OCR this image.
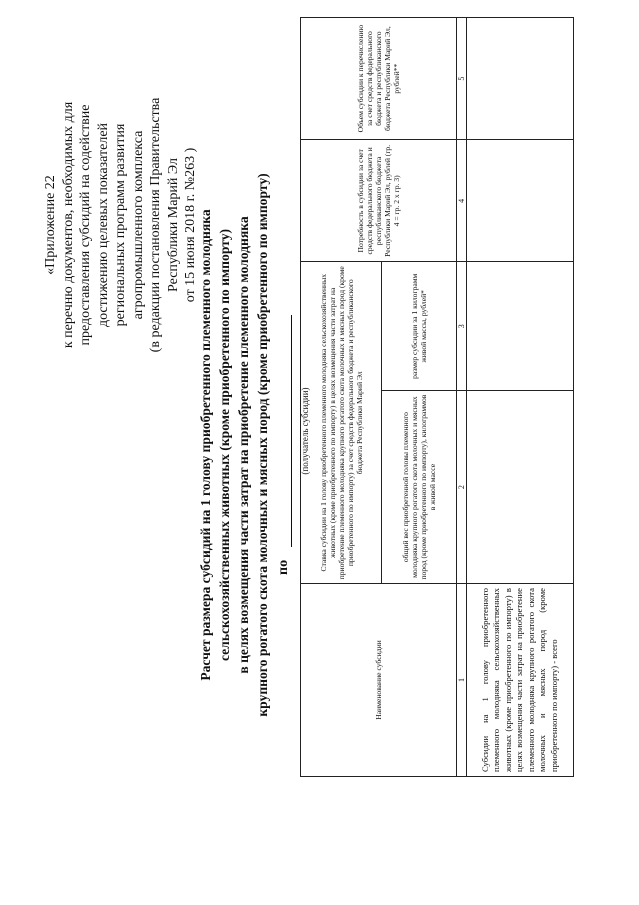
«Приложение 22 к перечню документов, необходимых для предоставления субсидий на содействие достижению целевых показателей региональных программ развития агропромышленного комплекса (в редакции постановления Правительства Республики Марий Эл от 15 июня 2018 г. №263 ) Расчет размера субсидий на 1 голову приобретенного племенного молодняка сельскохозяйственных животных (кроме приобретенного по импорту) в целях возмещения части затрат на приобретение племенного молодняка крупного рогатого скота молочных и мясных пород (кроме приобретенного по импорту) по
(получатель субсидии)
Наименование субсидии	Ставка субсидии на 1 голову приобретенного племенного молодняка сельскохозяйственных животных (кроме приобретенного по импорту) в целях возмещения части затрат на приобретение племенного молодняка крупного рогатого скота молочных и мясных пород (кроме приобретенного по импорту) за счет средств федерального бюджета и республиканского бюджета Республики Марий Эл		Потребность в субсидии за счет средств федерального бюджета и республиканского бюджета Республики Марий Эл, рублей (гр. 4 = гр. 2 х гр. 3)	Объем субсидии к перечислению за счет средств федерального бюджета и республиканского бюджета Республики Марий Эл, рублей**
	общий вес приобретенной головы племенного молодняка крупного рогатого скота молочных и мясных пород (кроме приобретенного по импорту), килограммов в живой массе	размер субсидии за 1 килограмм живой массы, рублей*		
1	2	3	4	5
Субсидии на 1 голову приобретенного племенного молодняка сельскохозяйственных животных (кроме приобретенного по импорту) в целях возмещения части затрат на приобретение племенного молодняка крупного рогатого скота молочных и мясных пород (кроме приобретенного по импорту) - всего				
